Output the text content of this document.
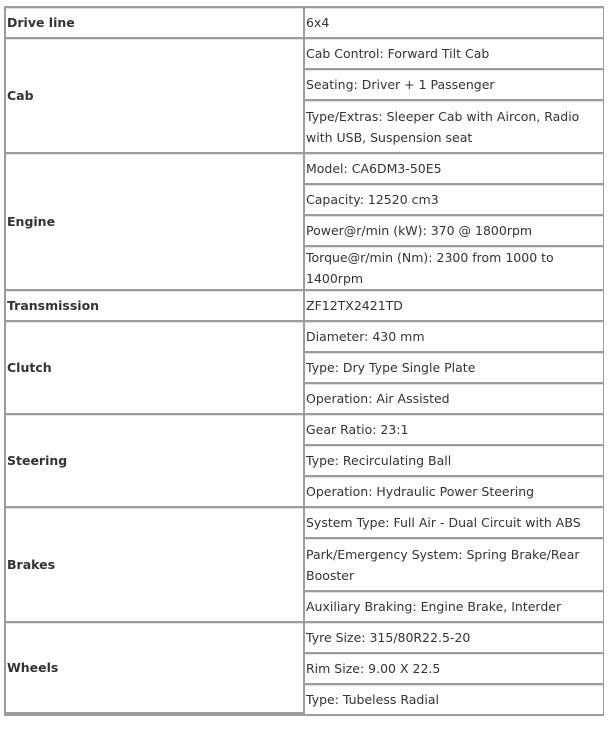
Drive line	6x4
Cab	Cab Control: Forward Tilt Cab
	Seating: Driver + 1 Passenger
	Type/Extras: Sleeper Cab with Aircon, Radio with USB, Suspension seat
Engine	Model: CA6DM3-50E5
	Capacity: 12520 cm3
	Power@r/min (kW): 370 @ 1800rpm
	Torque@r/min (Nm): 2300 from 1000 to 1400rpm
Transmission	ZF12TX2421TD
Clutch	Diameter: 430 mm
	Type: Dry Type Single Plate
	Operation: Air Assisted
Steering	Gear Ratio: 23:1
	Type: Recirculating Ball
	Operation: Hydraulic Power Steering
Brakes	System Type: Full Air - Dual Circuit with ABS
	Park/Emergency System: Spring Brake/Rear Booster
	Auxiliary Braking: Engine Brake, Interder
Wheels	Tyre Size: 315/80R22.5-20
	Rim Size: 9.00 X 22.5
	Type: Tubeless Radial
